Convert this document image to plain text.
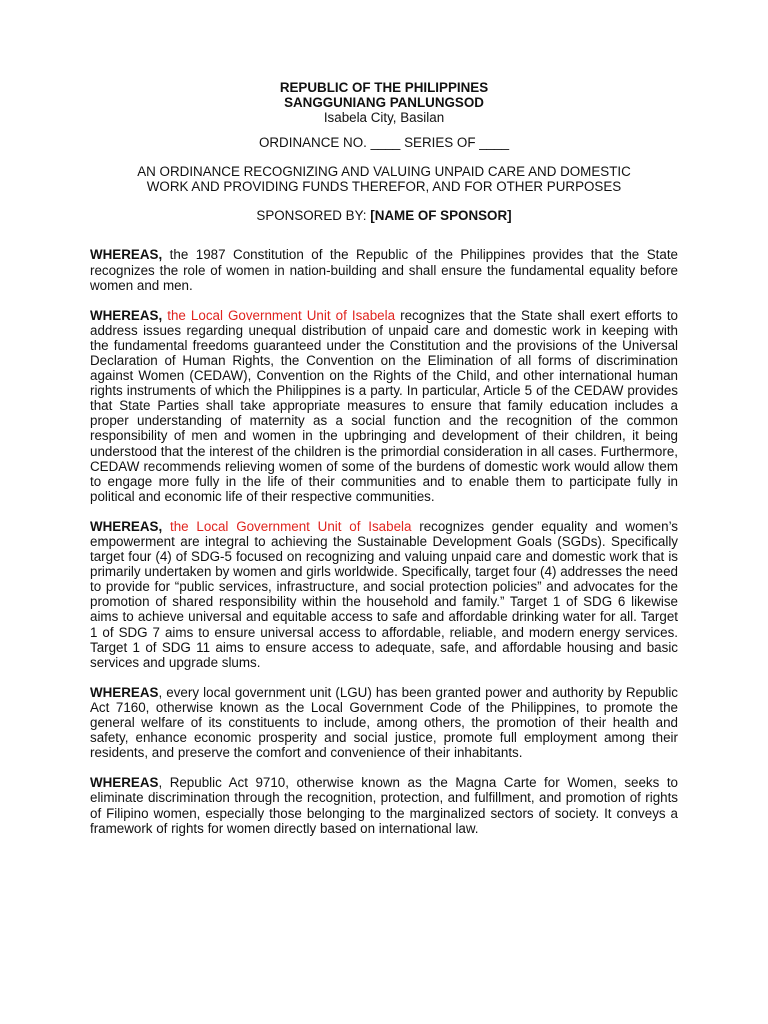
REPUBLIC OF THE PHILIPPINES
SANGGUNIANG PANLUNGSOD
Isabela City, Basilan
ORDINANCE NO. ____ SERIES OF ____
AN ORDINANCE RECOGNIZING AND VALUING UNPAID CARE AND DOMESTIC
WORK AND PROVIDING FUNDS THEREFOR, AND FOR OTHER PURPOSES
SPONSORED BY: [NAME OF SPONSOR]

WHEREAS, the 1987 Constitution of the Republic of the Philippines provides that the State recognizes the role of women in nation-building and shall ensure the fundamental equality before women and men.

WHEREAS, the Local Government Unit of Isabela recognizes that the State shall exert efforts to address issues regarding unequal distribution of unpaid care and domestic work in keeping with the fundamental freedoms guaranteed under the Constitution and the provisions of the Universal Declaration of Human Rights, the Convention on the Elimination of all forms of discrimination against Women (CEDAW), Convention on the Rights of the Child, and other international human rights instruments of which the Philippines is a party. In particular, Article 5 of the CEDAW provides that State Parties shall take appropriate measures to ensure that family education includes a proper understanding of maternity as a social function and the recognition of the common responsibility of men and women in the upbringing and development of their children, it being understood that the interest of the children is the primordial consideration in all cases. Furthermore, CEDAW recommends relieving women of some of the burdens of domestic work would allow them to engage more fully in the life of their communities and to enable them to participate fully in political and economic life of their respective communities.

WHEREAS, the Local Government Unit of Isabela recognizes gender equality and women’s empowerment are integral to achieving the Sustainable Development Goals (SGDs). Specifically target four (4) of SDG-5 focused on recognizing and valuing unpaid care and domestic work that is primarily undertaken by women and girls worldwide. Specifically, target four (4) addresses the need to provide for “public services, infrastructure, and social protection policies” and advocates for the promotion of shared responsibility within the household and family.” Target 1 of SDG 6 likewise aims to achieve universal and equitable access to safe and affordable drinking water for all. Target 1 of SDG 7 aims to ensure universal access to affordable, reliable, and modern energy services. Target 1 of SDG 11 aims to ensure access to adequate, safe, and affordable housing and basic services and upgrade slums.

WHEREAS, every local government unit (LGU) has been granted power and authority by Republic Act 7160, otherwise known as the Local Government Code of the Philippines, to promote the general welfare of its constituents to include, among others, the promotion of their health and safety, enhance economic prosperity and social justice, promote full employment among their residents, and preserve the comfort and convenience of their inhabitants.

WHEREAS, Republic Act 9710, otherwise known as the Magna Carte for Women, seeks to eliminate discrimination through the recognition, protection, and fulfillment, and promotion of rights of Filipino women, especially those belonging to the marginalized sectors of society. It conveys a framework of rights for women directly based on international law.
